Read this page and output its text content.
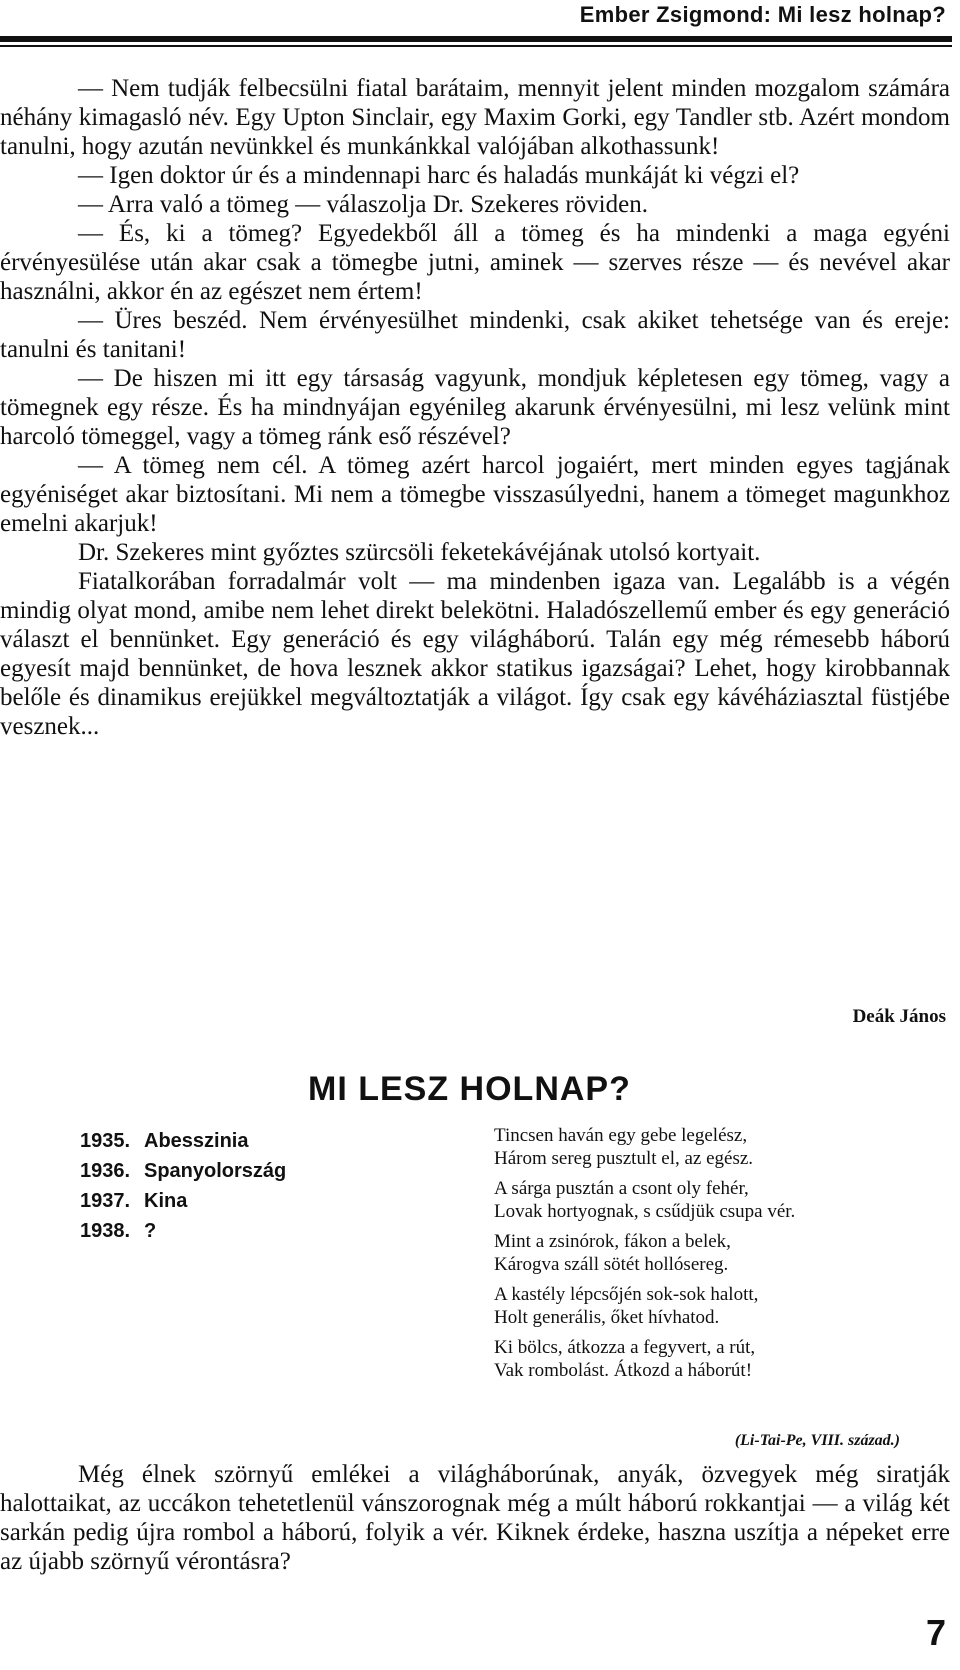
Ember Zsigmond: Mi lesz holnap?

— Nem tudják felbecsülni fiatal barátaim, mennyit jelent minden mozgalom számára néhány kimagasló név. Egy Upton Sinclair, egy Maxim Gorki, egy Tandler stb. Azért mondom tanulni, hogy azután nevünkkel és munkánkkal valójában alkothassunk!

— Igen doktor úr és a mindennapi harc és haladás munkáját ki végzi el?

— Arra való a tömeg — válaszolja Dr. Szekeres röviden.

— És, ki a tömeg? Egyedekből áll a tömeg és ha mindenki a maga egyéni érvényesülése után akar csak a tömegbe jutni, aminek — szerves része — és nevével akar használni, akkor én az egészet nem értem!

— Üres beszéd. Nem érvényesülhet mindenki, csak akiket tehetsége van és ereje: tanulni és tanitani!

— De hiszen mi itt egy társaság vagyunk, mondjuk képletesen egy tömeg, vagy a tömegnek egy része. És ha mindnyájan egyénileg akarunk érvényesülni, mi lesz velünk mint harcoló tömeggel, vagy a tömeg ránk eső részével?

— A tömeg nem cél. A tömeg azért harcol jogaiért, mert minden egyes tagjának egyéniséget akar biztosítani. Mi nem a tömegbe visszasúlyedni, hanem a tömeget magunkhoz emelni akarjuk!

Dr. Szekeres mint győztes szürcsöli feketekávéjának utolsó kortyait.

Fiatalkorában forradalmár volt — ma mindenben igaza van. Legalább is a végén mindig olyat mond, amibe nem lehet direkt belekötni. Haladószellemű ember és egy generáció választ el bennünket. Egy generáció és egy világháború. Talán egy még rémesebb háború egyesít majd bennünket, de hova lesznek akkor statikus igazságai? Lehet, hogy kirobbannak belőle és dinamikus erejükkel megváltoztatják a világot. Így csak egy kávéháziasztal füstjébe vesznek...

Deák János
MI LESZ HOLNAP?
1935. Abesszinia
1936. Spanyolország
1937. Kina
1938. ?
Tincsen haván egy gebe legelész,
Három sereg pusztult el, az egész.
A sárga pusztán a csont oly fehér,
Lovak hortyognak, s csűdjük csupa vér.
Mint a zsinórok, fákon a belek,
Károgva száll sötét hollósereg.
A kastély lépcsőjén sok-sok halott,
Holt generális, őket hívhatod.
Ki bölcs, átkozza a fegyvert, a rút,
Vak rombolást. Átkozd a háborút!
(Li-Tai-Pe, VIII. század.)

Még élnek szörnyű emlékei a világháborúnak, anyák, özvegyek még siratják halottaikat, az uccákon tehetetlenül vánszorognak még a múlt háború rokkantjai — a világ két sarkán pedig újra rombol a háború, folyik a vér. Kiknek érdeke, haszna uszítja a népeket erre az újabb szörnyű vérontásra?

7
